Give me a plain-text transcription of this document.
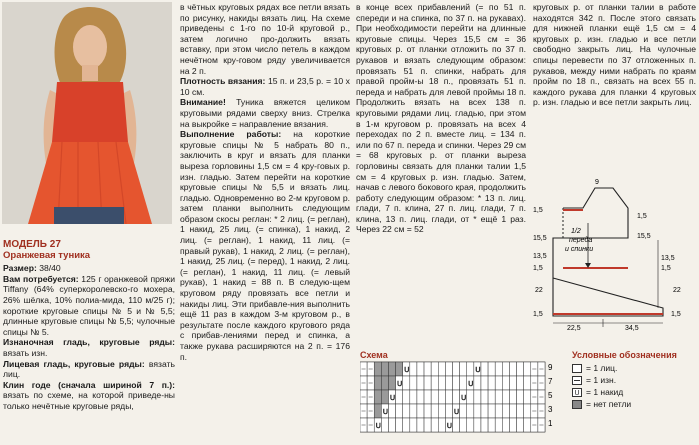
МОДЕЛЬ 27
Оранжевая туника

Размер: 38/40

Вам потребуется: 125 г оранжевой пряжи Tiffany (64% суперкоролевско-го мохера, 26% шёлка, 10% полиа-мида, 110 м/25 г); короткие круговые спицы № 5 и № 5,5; длинные круговые спицы № 5,5; чулочные спицы № 5.

Изнаночная гладь, круговые ряды: вязать изн.

Лицевая гладь, круговые ряды: вязать лиц.

Клин годе (сначала шириной 7 п.): вязать по схеме, на которой приведе-ны только нечётные круговые ряды,

в чётных круговых рядах все петли вязать по рисунку, накиды вязать лиц. На схеме приведены с 1-го по 10-й круговой р., затем логично про-должить вязать вставку, при этом число петель в каждом нечётном кру-говом ряду увеличивается на 2 п.

Плотность вязания: 15 п. и 23,5 р. = 10 х 10 см.

Внимание! Туника вяжется целиком круговыми рядами сверху вниз. Стрелка на выкройке = направление вязания.

Выполнение работы: на короткие круговые спицы № 5 набрать 80 п., заключить в круг и вязать для планки выреза горловины 1,5 см = 4 кру-говых р. изн. гладью. Затем перейти на короткие круговые спицы № 5,5 и вязать лиц. гладью. Одновременно во 2-м круговом р. затем планки выполнить следующим образом скосы реглан: * 2 лиц. (= реглан), 1 накид, 25 лиц. (= спинка), 1 накид, 2 лиц. (= реглан), 1 накид, 11 лиц. (= правый рукав), 1 накид, 2 лиц. (= реглан), 1 накид, 25 лиц. (= перед), 1 накид, 2 лиц. (= реглан), 1 накид, 11 лиц. (= левый рукав), 1 накид = 88 п. В следую-щем круговом ряду провязать все петли и накиды лиц. Эти прибавле-ния выполнить ещё 11 раз в каждом 3-м круговом р., в результате после каждого кругового ряда с прибав-лениями перед и спинка, а также рукава расширяются на 2 п. = 176 п.

в конце всех прибавлений (= по 51 п. спереди и на спинка, по 37 п. на рукавах). При необходимости перейти на длинные круговые спицы. Через 15,5 см = 36 круговых р. от планки отложить по 37 п. рукавов и вязать следующим образом: провязать 51 п. спинки, набрать для правой пройм-ы 18 п., провязать 51 п. переда и набрать для левой проймы 18 п. Продолжить вязать на всех 138 п. круговыми рядами лиц. гладью, при этом в 1-м круговом р. провязать на всех 4 переходах по 2 п. вместе лиц. = 134 п. или по 67 п. переда и спинки. Через 29 см = 68 круговых р. от планки выреза горловины связать для планки талии 1,5 см = 4 круговых р. изн. гладью. Затем, начав с левого бокового края, продолжить работу следующим образом: * 13 п. лиц. глади, 7 п. клина, 27 п. лиц. глади, 7 п. клина, 13 п. лиц. глади, от * ещё 1 раз. Через 22 см = 52

круговых р. от планки талии в работе находятся 342 п. После этого связать для нижней планки ещё 1,5 см = 4 круговых р. изн. гладью и все петли свободно закрыть лиц. На чулочные спицы перевести по 37 отложенных п. рукавов, между ними набрать по краям пройм по 18 п., связать на всех 55 п. каждого рукава для планки 4 круговых р. изн. гладью и все петли закрыть лиц.

1/2
переда
и спинки
1,5
9
15,5
13,5
1,5
22
1,5
22,5	34,5
13,5
1,5
22
1,5
1,5
15,5
Схема
U	U
U	U
U	U
U	U
U	U
9
7
5
3
1
Условные обозначения
= 1 лиц.
= 1 изн.
U = 1 накид
= нет петли
